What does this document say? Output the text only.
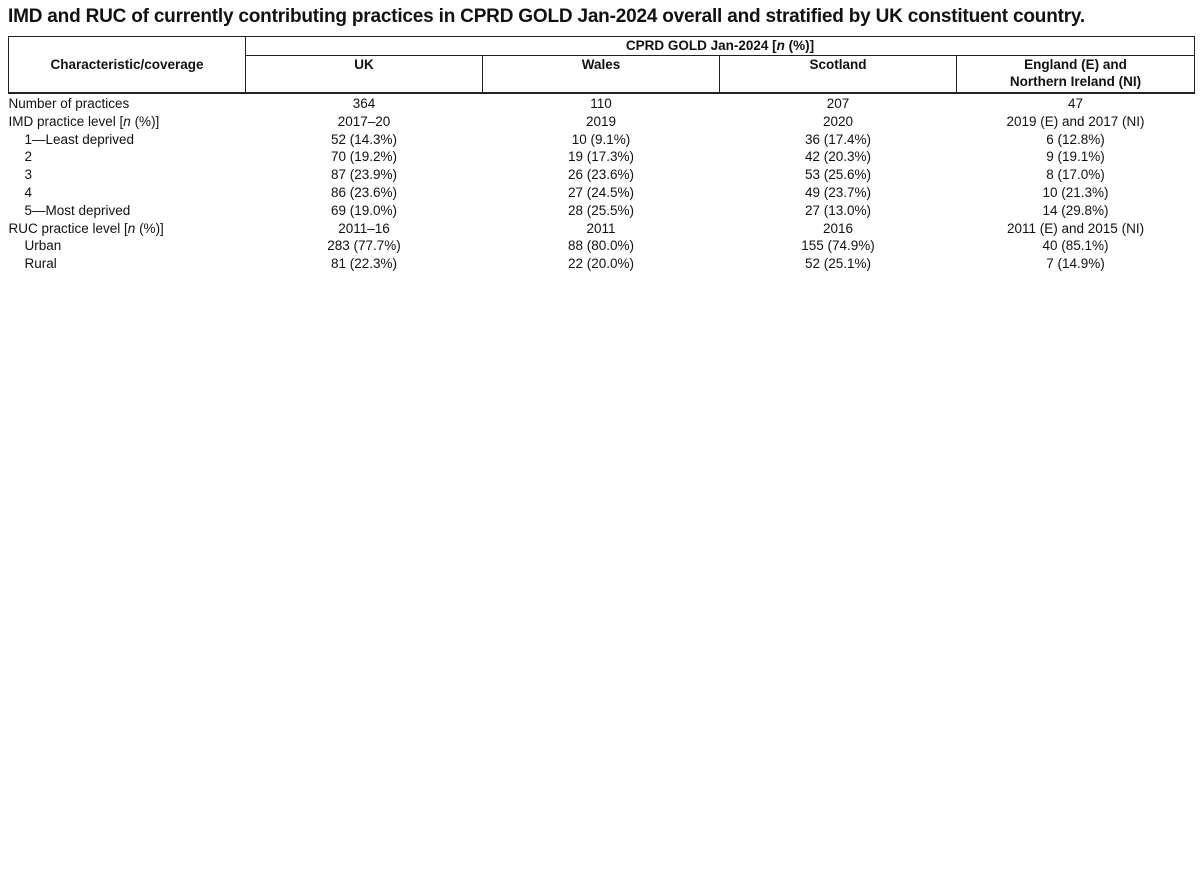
IMD and RUC of currently contributing practices in CPRD GOLD Jan-2024 overall and stratified by UK constituent country.
	CPRD GOLD Jan-2024 [n (%)]			
Characteristic/coverage	UK	Wales	Scotland	England (E) and
Northern Ireland (NI)
Number of practices	364	110	207	47
IMD practice level [n (%)]	2017–20	2019	2020	2019 (E) and 2017 (NI)
1—Least deprived	52 (14.3%)	10 (9.1%)	36 (17.4%)	6 (12.8%)
2	70 (19.2%)	19 (17.3%)	42 (20.3%)	9 (19.1%)
3	87 (23.9%)	26 (23.6%)	53 (25.6%)	8 (17.0%)
4	86 (23.6%)	27 (24.5%)	49 (23.7%)	10 (21.3%)
5—Most deprived	69 (19.0%)	28 (25.5%)	27 (13.0%)	14 (29.8%)
RUC practice level [n (%)]	2011–16	2011	2016	2011 (E) and 2015 (NI)
Urban	283 (77.7%)	88 (80.0%)	155 (74.9%)	40 (85.1%)
Rural	81 (22.3%)	22 (20.0%)	52 (25.1%)	7 (14.9%)
